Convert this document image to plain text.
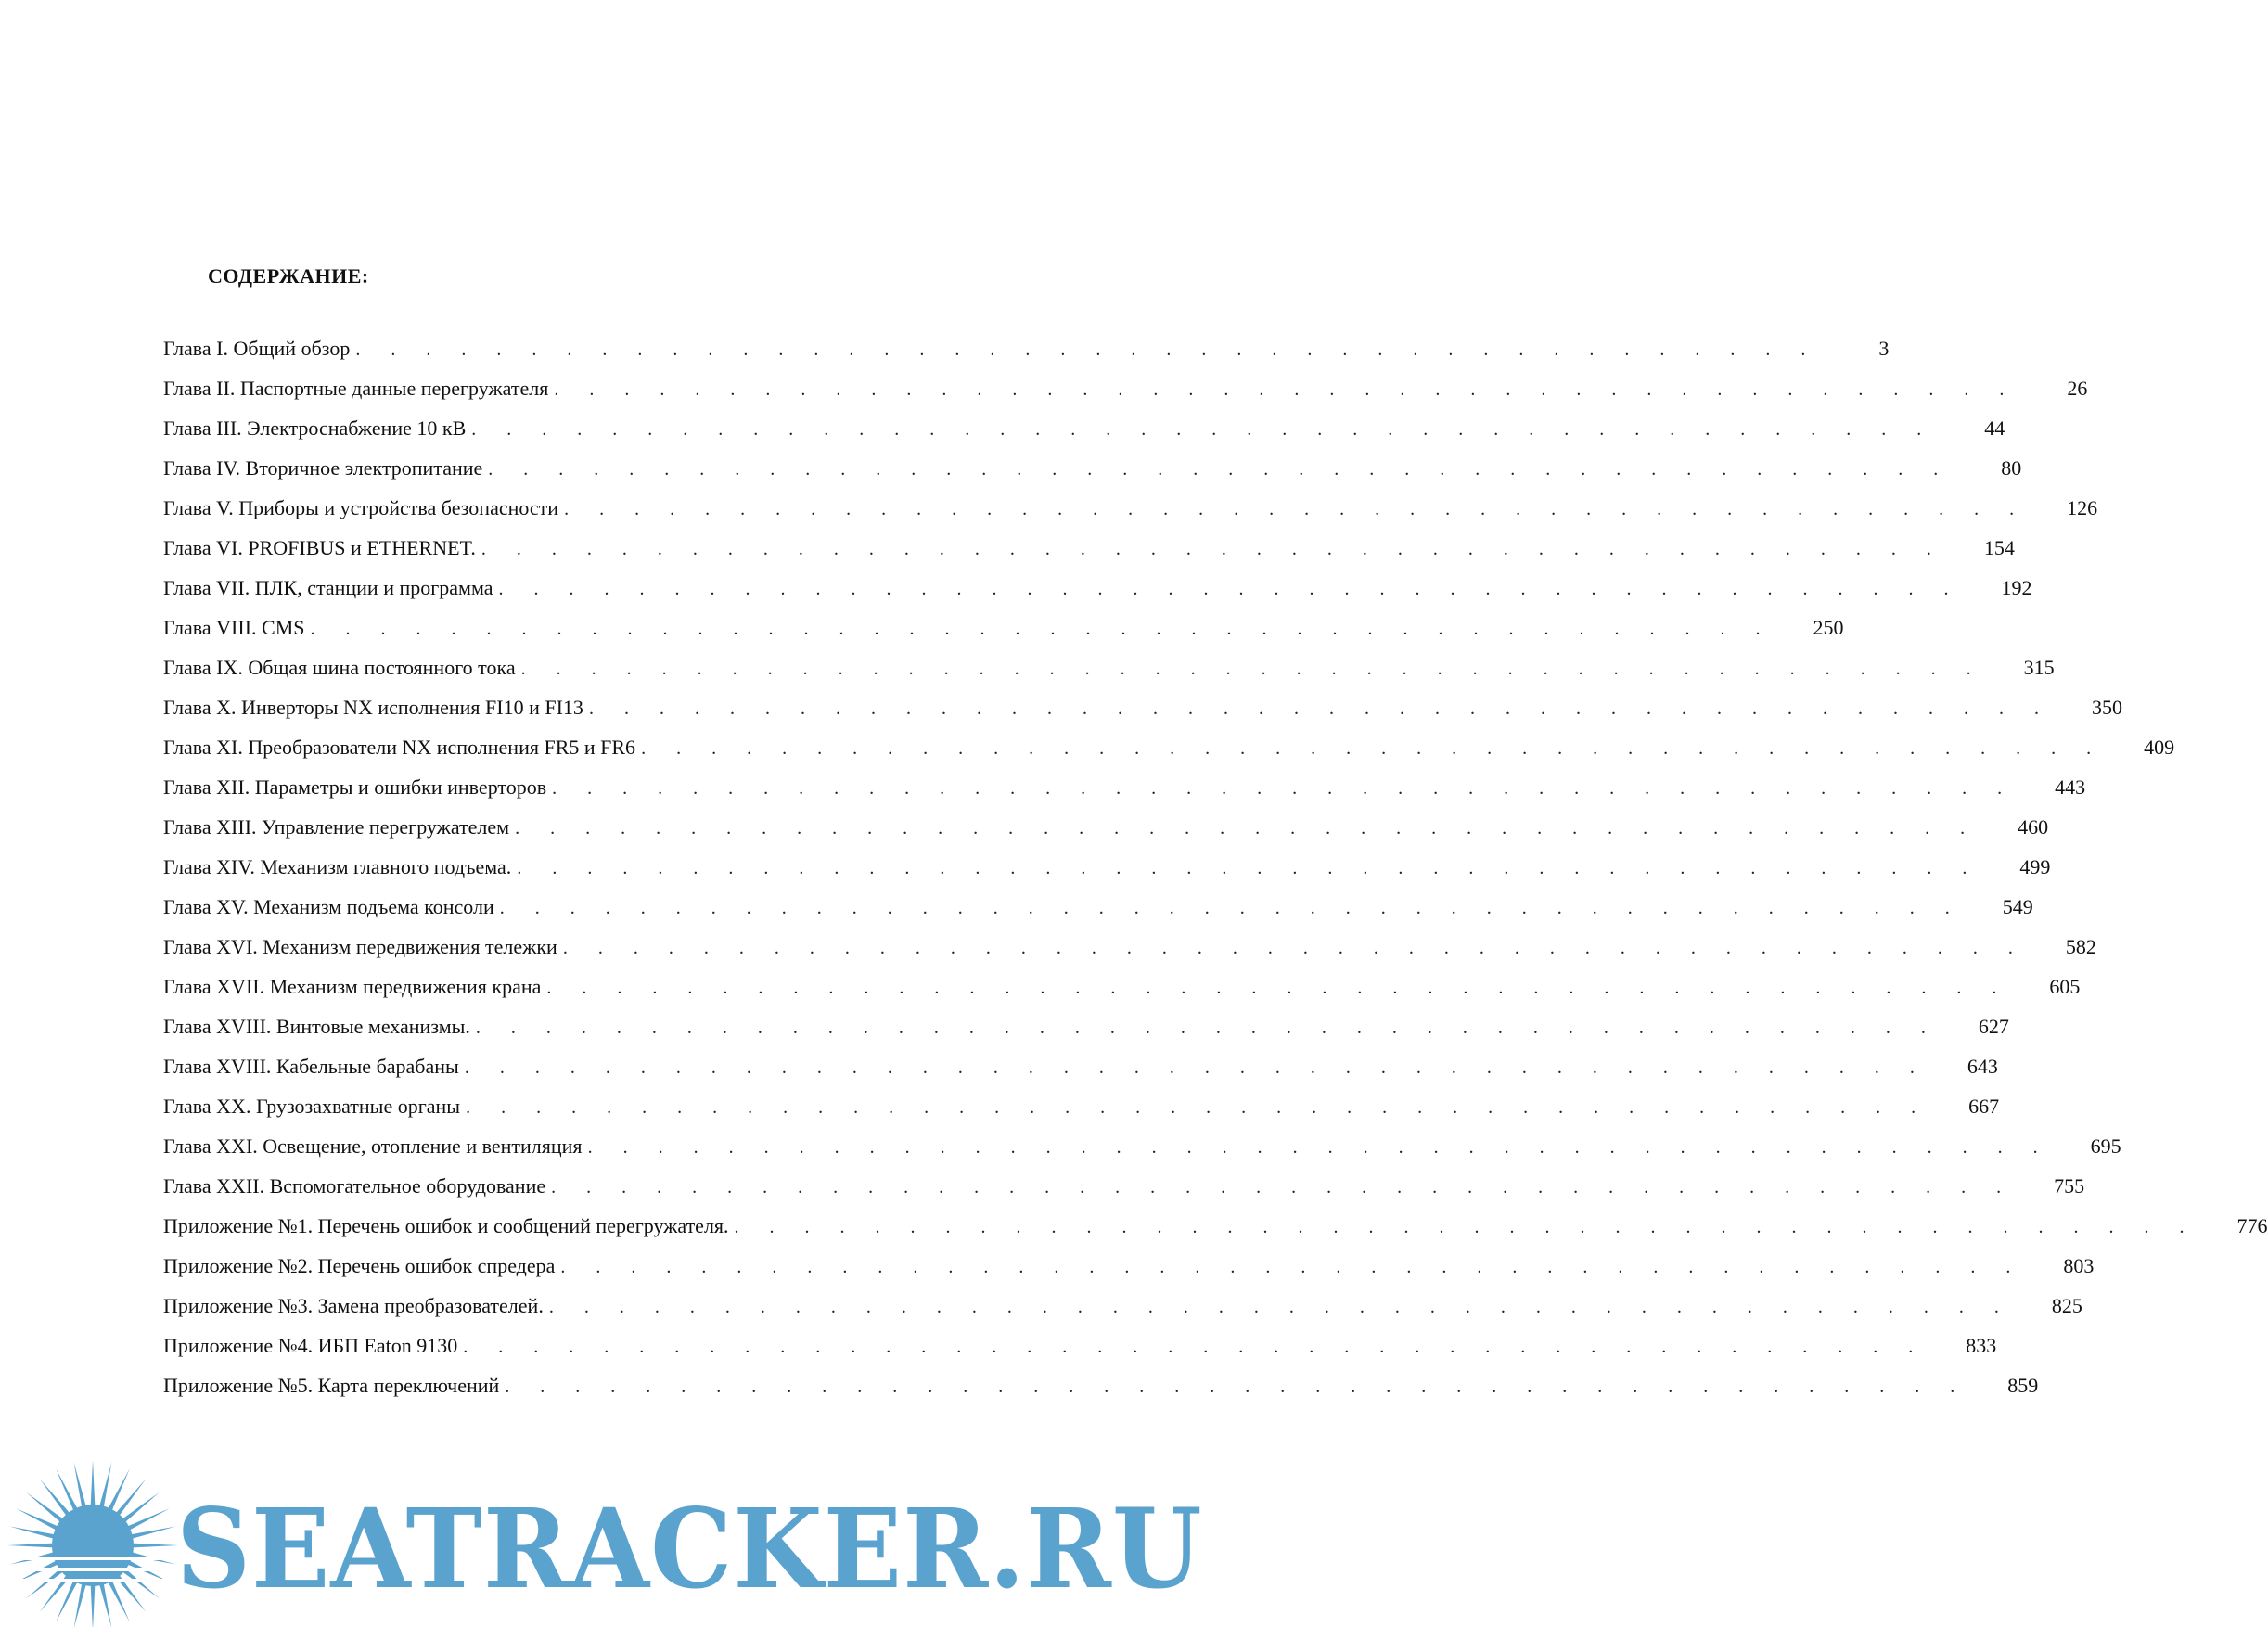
СОДЕРЖАНИЕ:
Глава I. Общий обзор . . . . . . . . . . . . . . . . . . . . . . . . . . . . . . . . . . . . . . . . . .	3
Глава II. Паспортные данные перегружателя . . . . . . . . . . . . . . . . . . . . . . . . . . . . . . . . . . . . . . . . . .	26
Глава III. Электроснабжение 10 кВ . . . . . . . . . . . . . . . . . . . . . . . . . . . . . . . . . . . . . . . . . .	44
Глава IV. Вторичное электропитание . . . . . . . . . . . . . . . . . . . . . . . . . . . . . . . . . . . . . . . . . .	80
Глава V. Приборы и устройства безопасности . . . . . . . . . . . . . . . . . . . . . . . . . . . . . . . . . . . . . . . . . .	126
Глава VI. PROFIBUS и ETHERNET. . . . . . . . . . . . . . . . . . . . . . . . . . . . . . . . . . . . . . . . . . .	154
Глава VII. ПЛК, станции и программа . . . . . . . . . . . . . . . . . . . . . . . . . . . . . . . . . . . . . . . . . .	192
Глава VIII. CMS . . . . . . . . . . . . . . . . . . . . . . . . . . . . . . . . . . . . . . . . . .	250
Глава IX. Общая шина постоянного тока . . . . . . . . . . . . . . . . . . . . . . . . . . . . . . . . . . . . . . . . . .	315
Глава X. Инверторы NX исполнения FI10 и FI13 . . . . . . . . . . . . . . . . . . . . . . . . . . . . . . . . . . . . . . . . . .	350
Глава XI. Преобразователи NX исполнения FR5 и FR6 . . . . . . . . . . . . . . . . . . . . . . . . . . . . . . . . . . . . . . . . . .	409
Глава XII. Параметры и ошибки инверторов . . . . . . . . . . . . . . . . . . . . . . . . . . . . . . . . . . . . . . . . . .	443
Глава XIII. Управление перегружателем . . . . . . . . . . . . . . . . . . . . . . . . . . . . . . . . . . . . . . . . . .	460
Глава XIV. Механизм главного подъема. . . . . . . . . . . . . . . . . . . . . . . . . . . . . . . . . . . . . . . . . . .	499
Глава XV. Механизм подъема консоли . . . . . . . . . . . . . . . . . . . . . . . . . . . . . . . . . . . . . . . . . .	549
Глава XVI. Механизм передвижения тележки . . . . . . . . . . . . . . . . . . . . . . . . . . . . . . . . . . . . . . . . . .	582
Глава XVII. Механизм передвижения крана . . . . . . . . . . . . . . . . . . . . . . . . . . . . . . . . . . . . . . . . . .	605
Глава XVIII. Винтовые механизмы. . . . . . . . . . . . . . . . . . . . . . . . . . . . . . . . . . . . . . . . . . .	627
Глава XVIII. Кабельные барабаны . . . . . . . . . . . . . . . . . . . . . . . . . . . . . . . . . . . . . . . . . .	643
Глава XX. Грузозахватные органы . . . . . . . . . . . . . . . . . . . . . . . . . . . . . . . . . . . . . . . . . .	667
Глава XXI. Освещение, отопление и вентиляция . . . . . . . . . . . . . . . . . . . . . . . . . . . . . . . . . . . . . . . . . .	695
Глава XXII. Вспомогательное оборудование . . . . . . . . . . . . . . . . . . . . . . . . . . . . . . . . . . . . . . . . . .	755
Приложение №1. Перечень ошибок и сообщений перегружателя. . . . . . . . . . . . . . . . . . . . . . . . . . . . . . . . . . . . . . . . . . .	776
Приложение №2. Перечень ошибок спредера . . . . . . . . . . . . . . . . . . . . . . . . . . . . . . . . . . . . . . . . . .	803
Приложение №3. Замена преобразователей. . . . . . . . . . . . . . . . . . . . . . . . . . . . . . . . . . . . . . . . . . .	825
Приложение №4. ИБП Eaton 9130 . . . . . . . . . . . . . . . . . . . . . . . . . . . . . . . . . . . . . . . . . .	833
Приложение №5. Карта переключений . . . . . . . . . . . . . . . . . . . . . . . . . . . . . . . . . . . . . . . . . .	859
SEATRACKER.RU
